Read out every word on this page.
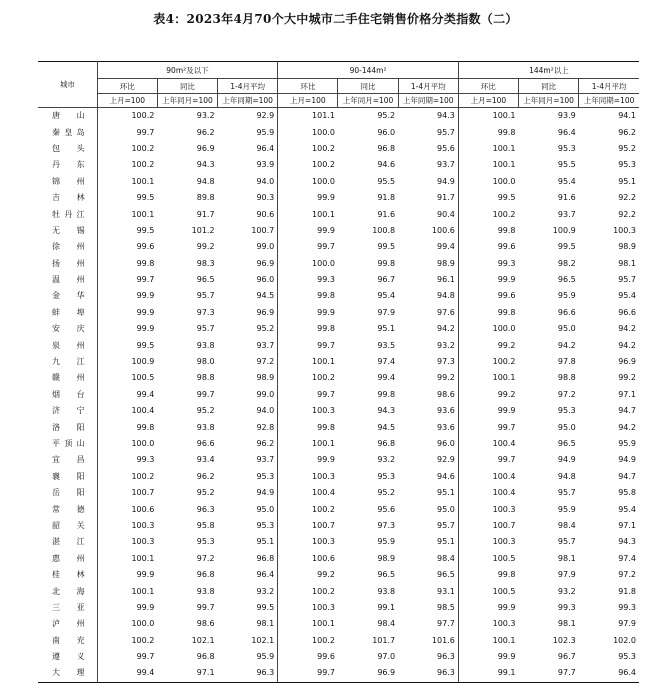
表4：2023年4月70个大中城市二手住宅销售价格分类指数（二）
城市	90m²及以下			90-144m²			144m²以上		
	环比	同比	1-4月平均	环比	同比	1-4月平均	环比	同比	1-4月平均
	上月=100	上年同月=100	上年同期=100	上月=100	上年同月=100	上年同期=100	上月=100	上年同月=100	上年同期=100
唐山	100.2	93.2	92.9	101.1	95.2	94.3	100.1	93.9	94.1
秦皇岛	99.7	96.2	95.9	100.0	96.0	95.7	99.8	96.4	96.2
包头	100.2	96.9	96.4	100.2	96.8	95.6	100.1	95.3	95.2
丹东	100.2	94.3	93.9	100.2	94.6	93.7	100.1	95.5	95.3
锦州	100.1	94.8	94.0	100.0	95.5	94.9	100.0	95.4	95.1
吉林	99.5	89.8	90.3	99.9	91.8	91.7	99.5	91.6	92.2
牡丹江	100.1	91.7	90.6	100.1	91.6	90.4	100.2	93.7	92.2
无锡	99.5	101.2	100.7	99.9	100.8	100.6	99.8	100.9	100.3
徐州	99.6	99.2	99.0	99.7	99.5	99.4	99.6	99.5	98.9
扬州	99.8	98.3	96.9	100.0	99.8	98.9	99.3	98.2	98.1
温州	99.7	96.5	96.0	99.3	96.7	96.1	99.9	96.5	95.7
金华	99.9	95.7	94.5	99.8	95.4	94.8	99.6	95.9	95.4
蚌埠	99.9	97.3	96.9	99.9	97.9	97.6	99.8	96.6	96.6
安庆	99.9	95.7	95.2	99.8	95.1	94.2	100.0	95.0	94.2
泉州	99.5	93.8	93.7	99.7	93.5	93.2	99.2	94.2	94.2
九江	100.9	98.0	97.2	100.1	97.4	97.3	100.2	97.8	96.9
赣州	100.5	98.8	98.9	100.2	99.4	99.2	100.1	98.8	99.2
烟台	99.4	99.7	99.0	99.7	99.8	98.6	99.2	97.2	97.1
济宁	100.4	95.2	94.0	100.3	94.3	93.6	99.9	95.3	94.7
洛阳	99.8	93.8	92.8	99.8	94.5	93.6	99.7	95.0	94.2
平顶山	100.0	96.6	96.2	100.1	96.8	96.0	100.4	96.5	95.9
宜昌	99.3	93.4	93.7	99.9	93.2	92.9	99.7	94.9	94.9
襄阳	100.2	96.2	95.3	100.3	95.3	94.6	100.4	94.8	94.7
岳阳	100.7	95.2	94.9	100.4	95.2	95.1	100.4	95.7	95.8
常德	100.6	96.3	95.0	100.2	95.6	95.0	100.3	95.9	95.4
韶关	100.3	95.8	95.3	100.7	97.3	95.7	100.7	98.4	97.1
湛江	100.3	95.3	95.1	100.3	95.9	95.1	100.3	95.7	94.3
惠州	100.1	97.2	96.8	100.6	98.9	98.4	100.5	98.1	97.4
桂林	99.9	96.8	96.4	99.2	96.5	96.5	99.8	97.9	97.2
北海	100.1	93.8	93.2	100.2	93.8	93.1	100.5	93.2	91.8
三亚	99.9	99.7	99.5	100.3	99.1	98.5	99.9	99.3	99.3
泸州	100.0	98.6	98.1	100.1	98.4	97.7	100.3	98.1	97.9
南充	100.2	102.1	102.1	100.2	101.7	101.6	100.1	102.3	102.0
遵义	99.7	96.8	95.9	99.6	97.0	96.3	99.9	96.7	95.3
大理	99.4	97.1	96.3	99.7	96.9	96.3	99.1	97.7	96.4
